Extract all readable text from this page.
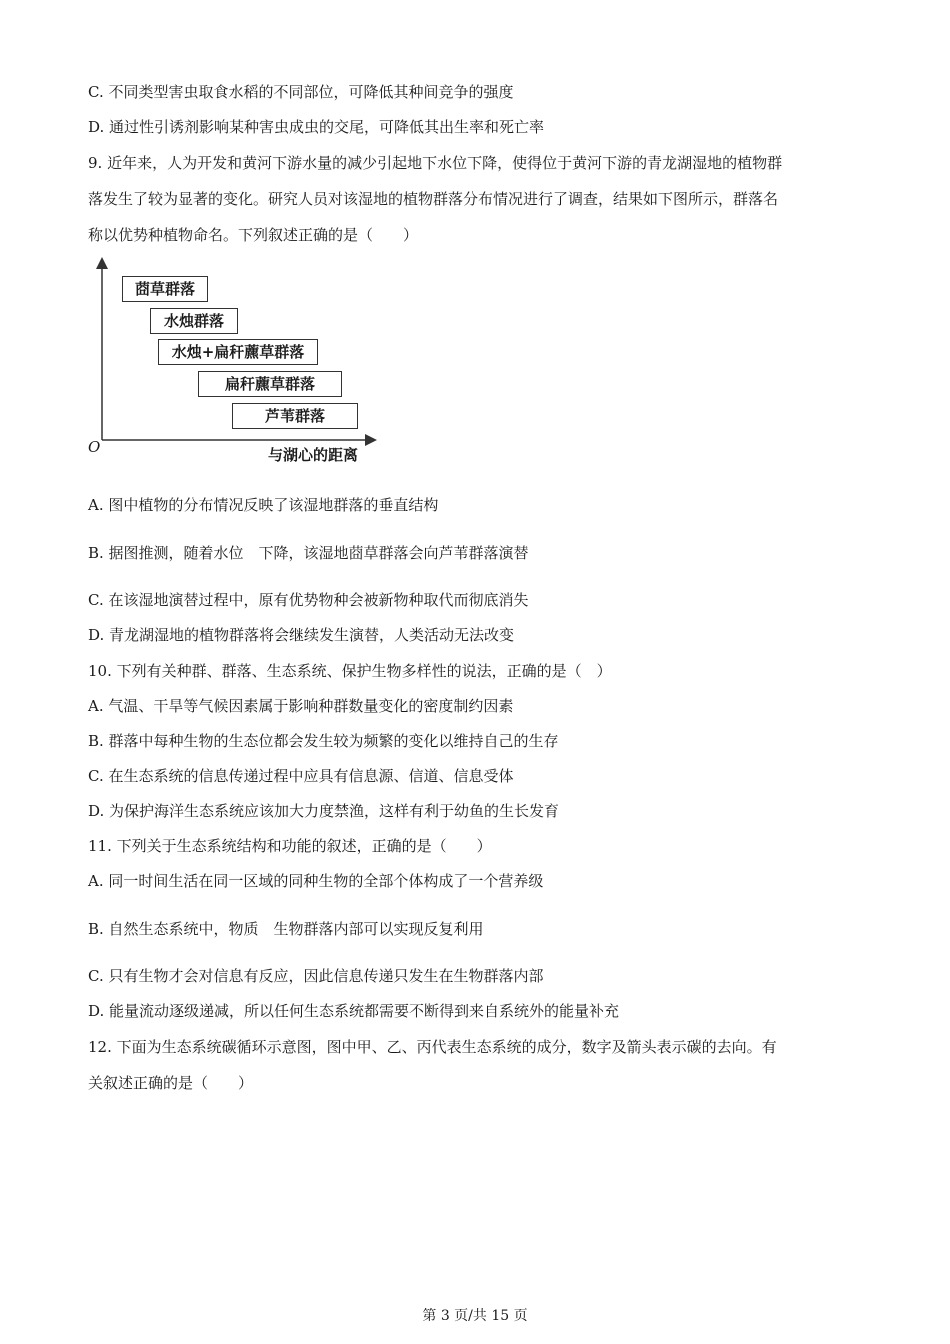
C. 不同类型害虫取食水稻的不同部位，可降低其种间竞争的强度
D. 通过性引诱剂影响某种害虫成虫的交尾，可降低其出生率和死亡率
9. 近年来，人为开发和黄河下游水量的减少引起地下水位下降，使得位于黄河下游的青龙湖湿地的植物群
落发生了较为显著的变化。研究人员对该湿地的植物群落分布情况进行了调查，结果如下图所示，群落名
称以优势种植物命名。下列叙述正确的是（　　）
莔草群落
水烛群落
水烛+扁秆藨草群落
扁秆藨草群落
芦苇群落
O	与湖心的距离
A. 图中植物的分布情况反映了该湿地群落的垂直结构
B. 据图推测，随着水位　下降，该湿地莔草群落会向芦苇群落演替
C. 在该湿地演替过程中，原有优势物种会被新物种取代而彻底消失
D. 青龙湖湿地的植物群落将会继续发生演替，人类活动无法改变
10. 下列有关种群、群落、生态系统、保护生物多样性的说法，正确的是（　）
A. 气温、干旱等气候因素属于影响种群数量变化的密度制约因素
B. 群落中每种生物的生态位都会发生较为频繁的变化以维持自己的生存
C. 在生态系统的信息传递过程中应具有信息源、信道、信息受体
D. 为保护海洋生态系统应该加大力度禁渔，这样有利于幼鱼的生长发育
11. 下列关于生态系统结构和功能的叙述，正确的是（　　）
A. 同一时间生活在同一区域的同种生物的全部个体构成了一个营养级
B. 自然生态系统中，物质　生物群落内部可以实现反复利用
C. 只有生物才会对信息有反应，因此信息传递只发生在生物群落内部
D. 能量流动逐级递减，所以任何生态系统都需要不断得到来自系统外的能量补充
12. 下面为生态系统碳循环示意图，图中甲、乙、丙代表生态系统的成分，数字及箭头表示碳的去向。有
关叙述正确的是（　　）
第 3 页/共 15 页
